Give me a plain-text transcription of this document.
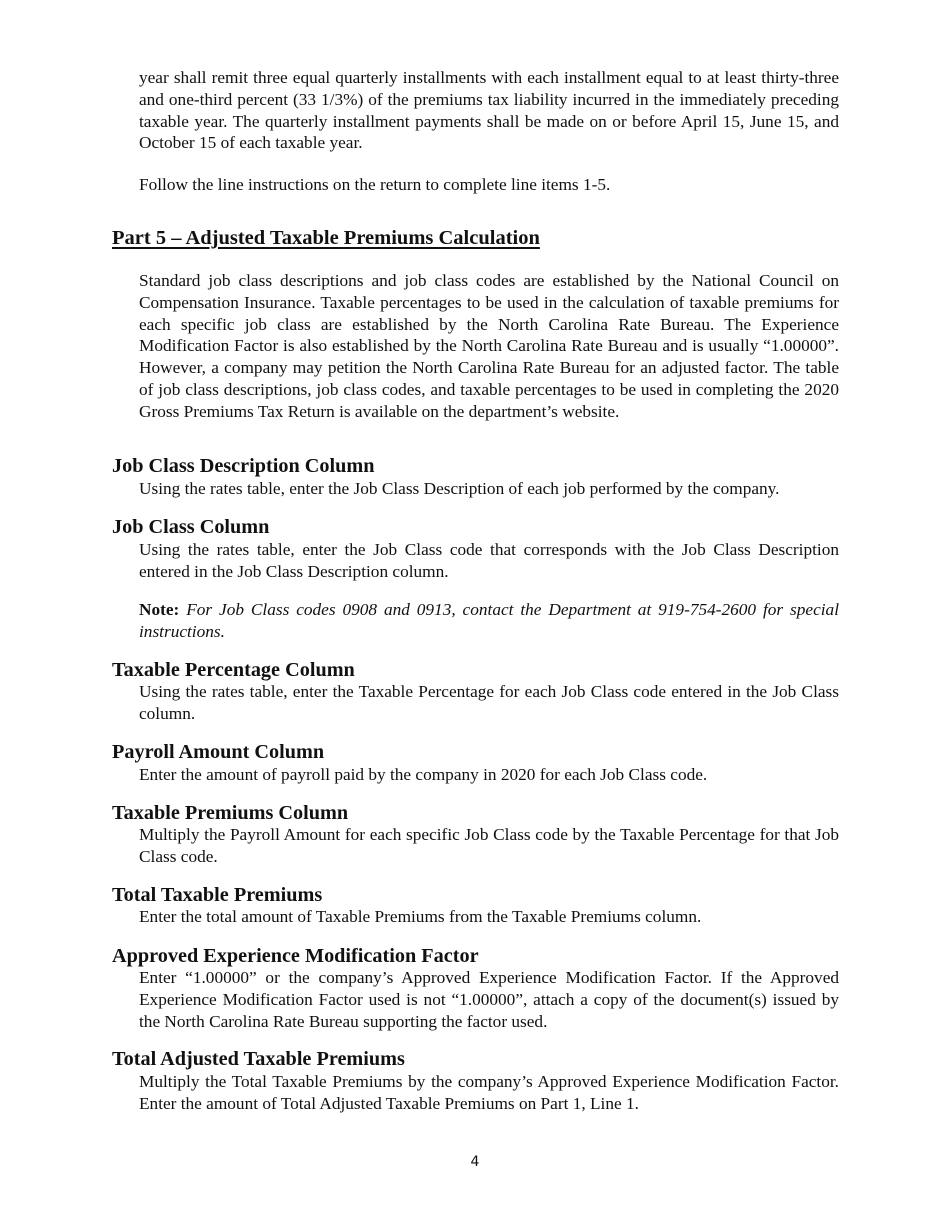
year shall remit three equal quarterly installments with each installment equal to at least thirty-three and one-third percent (33 1/3%) of the premiums tax liability incurred in the immediately preceding taxable year. The quarterly installment payments shall be made on or before April 15, June 15, and October 15 of each taxable year.

Follow the line instructions on the return to complete line items 1-5.

Part 5 – Adjusted Taxable Premiums Calculation

Standard job class descriptions and job class codes are established by the National Council on Compensation Insurance. Taxable percentages to be used in the calculation of taxable premiums for each specific job class are established by the North Carolina Rate Bureau. The Experience Modification Factor is also established by the North Carolina Rate Bureau and is usually “1.00000”. However, a company may petition the North Carolina Rate Bureau for an adjusted factor. The table of job class descriptions, job class codes, and taxable percentages to be used in completing the 2020 Gross Premiums Tax Return is available on the department’s website.

Job Class Description Column

Using the rates table, enter the Job Class Description of each job performed by the company.

Job Class Column

Using the rates table, enter the Job Class code that corresponds with the Job Class Description entered in the Job Class Description column.

Note: For Job Class codes 0908 and 0913, contact the Department at 919-754-2600 for special instructions.

Taxable Percentage Column

Using the rates table, enter the Taxable Percentage for each Job Class code entered in the Job Class column.

Payroll Amount Column

Enter the amount of payroll paid by the company in 2020 for each Job Class code.

Taxable Premiums Column

Multiply the Payroll Amount for each specific Job Class code by the Taxable Percentage for that Job Class code.

Total Taxable Premiums

Enter the total amount of Taxable Premiums from the Taxable Premiums column.

Approved Experience Modification Factor

Enter “1.00000” or the company’s Approved Experience Modification Factor. If the Approved Experience Modification Factor used is not “1.00000”, attach a copy of the document(s) issued by the North Carolina Rate Bureau supporting the factor used.

Total Adjusted Taxable Premiums

Multiply the Total Taxable Premiums by the company’s Approved Experience Modification Factor. Enter the amount of Total Adjusted Taxable Premiums on Part 1, Line 1.

4
